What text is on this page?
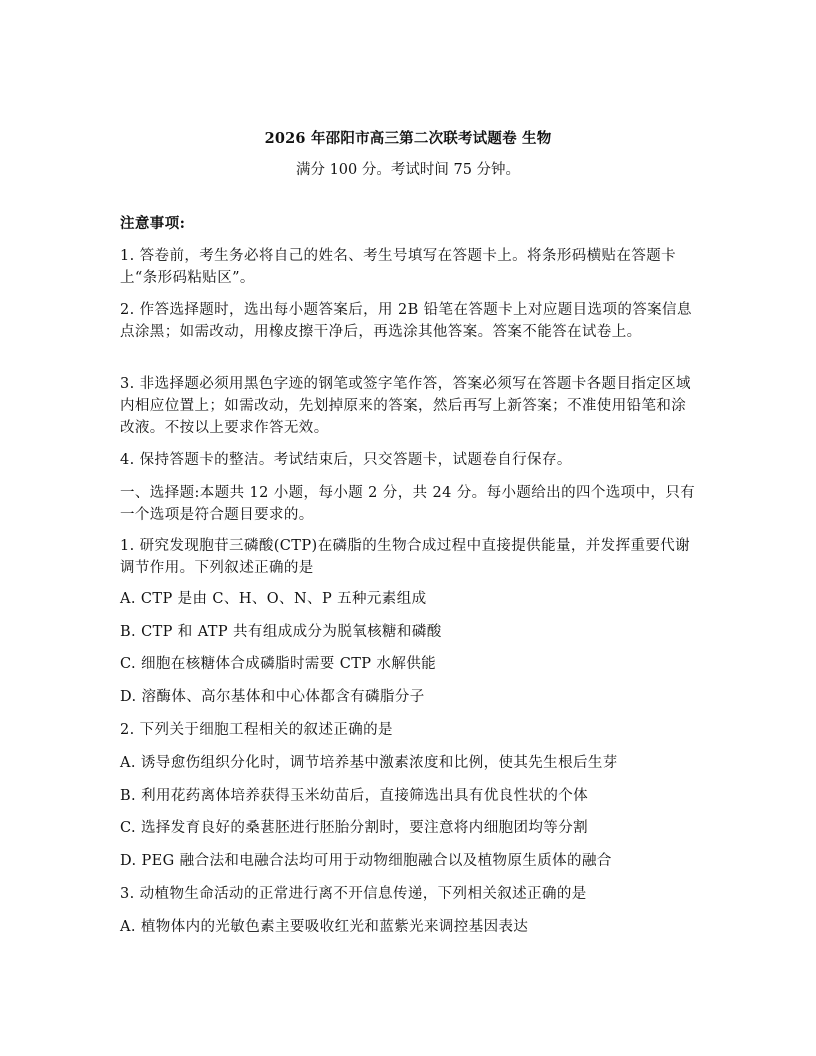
2026 年邵阳市高三第二次联考试题卷 生物
满分 100 分。考试时间 75 分钟。
注意事项:
1. 答卷前，考生务必将自己的姓名、考生号填写在答题卡上。将条形码横贴在答题卡上“条形码粘贴区”。
2. 作答选择题时，选出每小题答案后，用 2B 铅笔在答题卡上对应题目选项的答案信息点涂黑；如需改动，用橡皮擦干净后，再选涂其他答案。答案不能答在试卷上。
3. 非选择题必须用黑色字迹的钢笔或签字笔作答，答案必须写在答题卡各题目指定区域内相应位置上；如需改动，先划掉原来的答案，然后再写上新答案；不准使用铅笔和涂改液。不按以上要求作答无效。
4. 保持答题卡的整洁。考试结束后，只交答题卡，试题卷自行保存。
一、选择题:本题共 12 小题，每小题 2 分，共 24 分。每小题给出的四个选项中，只有一个选项是符合题目要求的。
1. 研究发现胞苷三磷酸(CTP)在磷脂的生物合成过程中直接提供能量，并发挥重要代谢调节作用。下列叙述正确的是
A. CTP 是由 C、H、O、N、P 五种元素组成
B. CTP 和 ATP 共有组成成分为脱氧核糖和磷酸
C. 细胞在核糖体合成磷脂时需要 CTP 水解供能
D. 溶酶体、高尔基体和中心体都含有磷脂分子
2. 下列关于细胞工程相关的叙述正确的是
A. 诱导愈伤组织分化时，调节培养基中激素浓度和比例，使其先生根后生芽
B. 利用花药离体培养获得玉米幼苗后，直接筛选出具有优良性状的个体
C. 选择发育良好的桑葚胚进行胚胎分割时，要注意将内细胞团均等分割
D. PEG 融合法和电融合法均可用于动物细胞融合以及植物原生质体的融合
3. 动植物生命活动的正常进行离不开信息传递，下列相关叙述正确的是
A. 植物体内的光敏色素主要吸收红光和蓝紫光来调控基因表达
